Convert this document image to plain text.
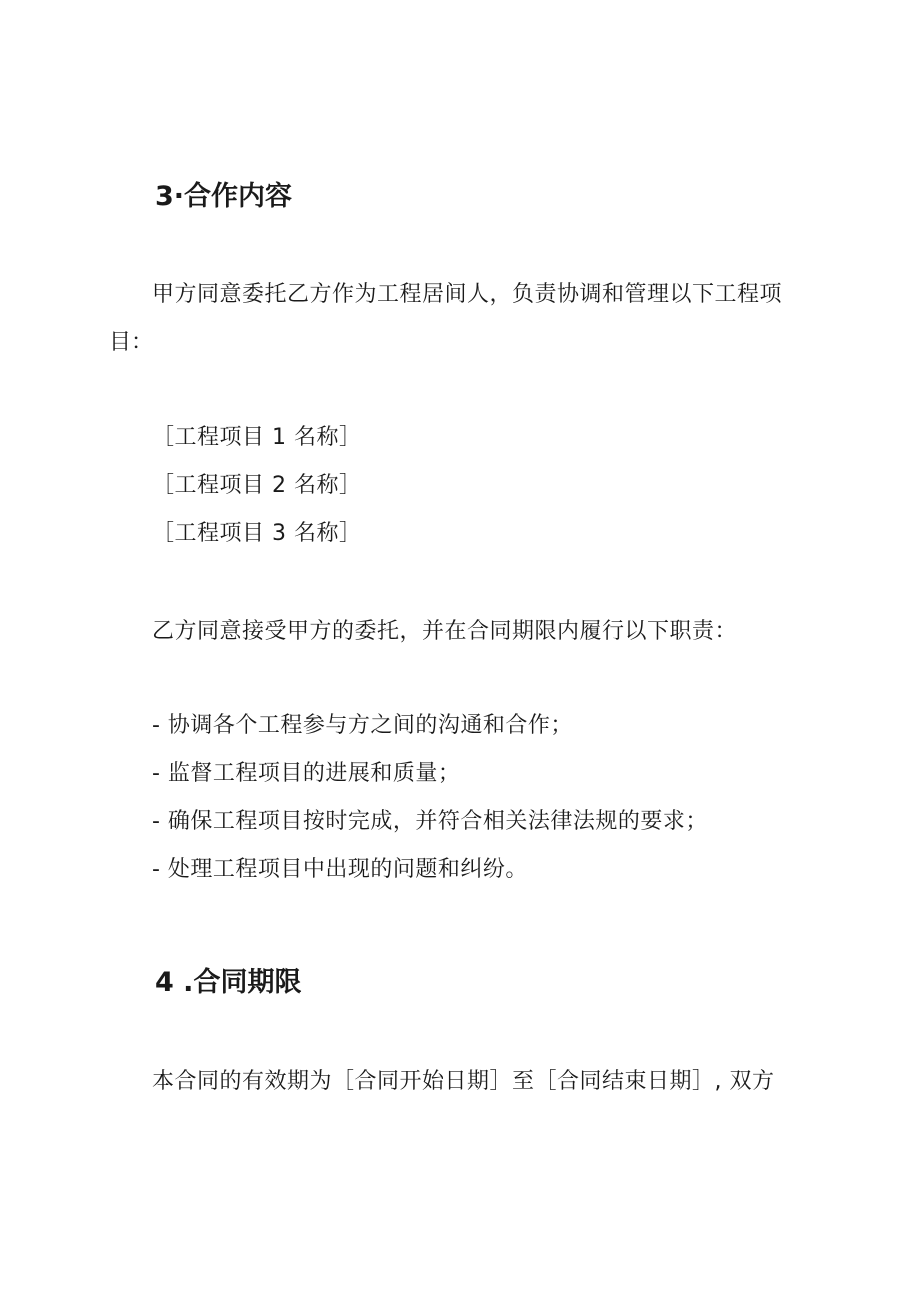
3·合作内容
甲方同意委托乙方作为工程居间人，负责协调和管理以下工程项
目：
［工程项目 1 名称］
［工程项目 2 名称］
［工程项目 3 名称］
乙方同意接受甲方的委托，并在合同期限内履行以下职责：
- 协调各个工程参与方之间的沟通和合作；
- 监督工程项目的进展和质量；
- 确保工程项目按时完成，并符合相关法律法规的要求；
- 处理工程项目中出现的问题和纠纷。
4 .合同期限
本合同的有效期为［合同开始日期］至［合同结束日期］, 双方
